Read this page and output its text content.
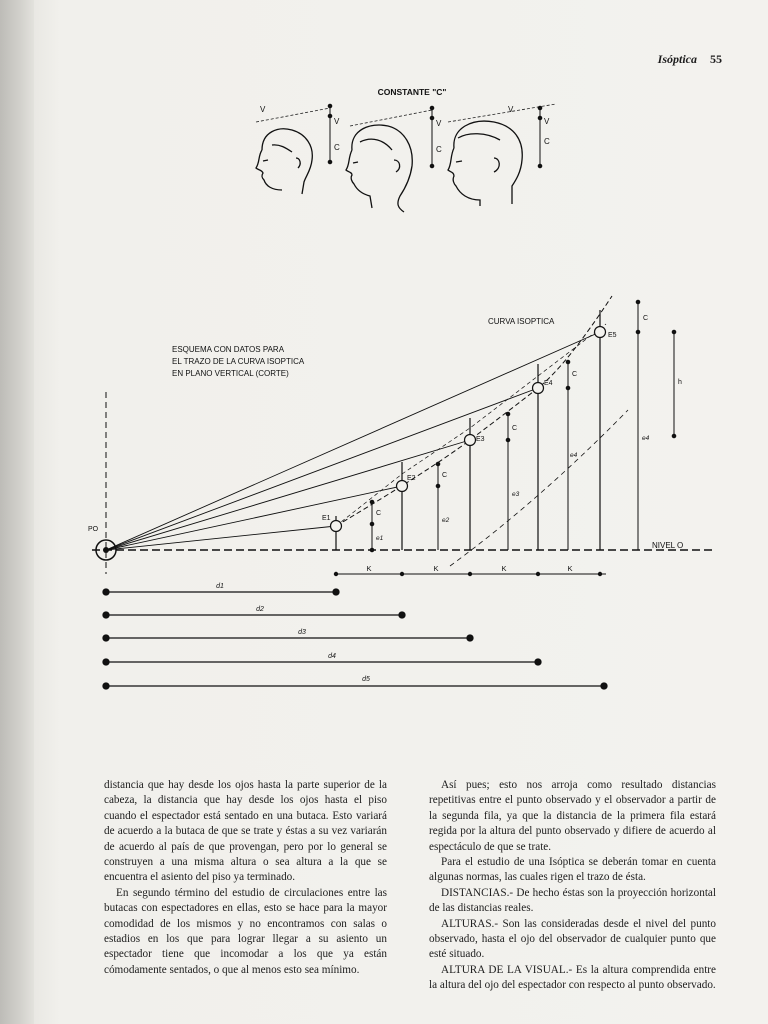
Isóptica 55
CONSTANTE "C"
V
V
C
V
C
V
V
C
ESQUEMA CON DATOS PARA
EL TRAZO DE LA CURVA ISOPTICA
EN PLANO VERTICAL (CORTE)
CURVA ISOPTICA
PO
NIVEL O
E1
E2
E3
E4
E5
C
C
C
C
C
h
e1
e2
e3
e4
e4
K	K	K	K
d1
d2
d3
d4
d5

distancia que hay desde los ojos hasta la parte superior de la cabeza, la distancia que hay desde los ojos hasta el piso cuando el espectador está sentado en una butaca. Esto variará de acuerdo a la butaca de que se trate y éstas a su vez variarán de acuerdo al país de que provengan, pero por lo general se construyen a una misma altura o sea altura a la que se encuentra el asiento del piso ya terminado.

En segundo término del estudio de circulaciones entre las butacas con espectadores en ellas, esto se hace para la mayor comodidad de los mismos y no encontramos con salas o estadios en los que para lograr llegar a su asiento un espectador tiene que incomodar a los que ya están cómodamente sentados, o que al menos esto sea mínimo.

Así pues; esto nos arroja como resultado distancias repetitivas entre el punto observado y el observador a partir de la segunda fila, ya que la distancia de la primera fila estará regida por la altura del punto observado y difiere de acuerdo al espectáculo de que se trate.

Para el estudio de una Isóptica se deberán tomar en cuenta algunas normas, las cuales rigen el trazo de ésta.

DISTANCIAS.- De hecho éstas son la proyección horizontal de las distancias reales.

ALTURAS.- Son las consideradas desde el nivel del punto observado, hasta el ojo del observador de cualquier punto que esté situado.

ALTURA DE LA VISUAL.- Es la altura comprendida entre la altura del ojo del espectador con respecto al punto observado.
